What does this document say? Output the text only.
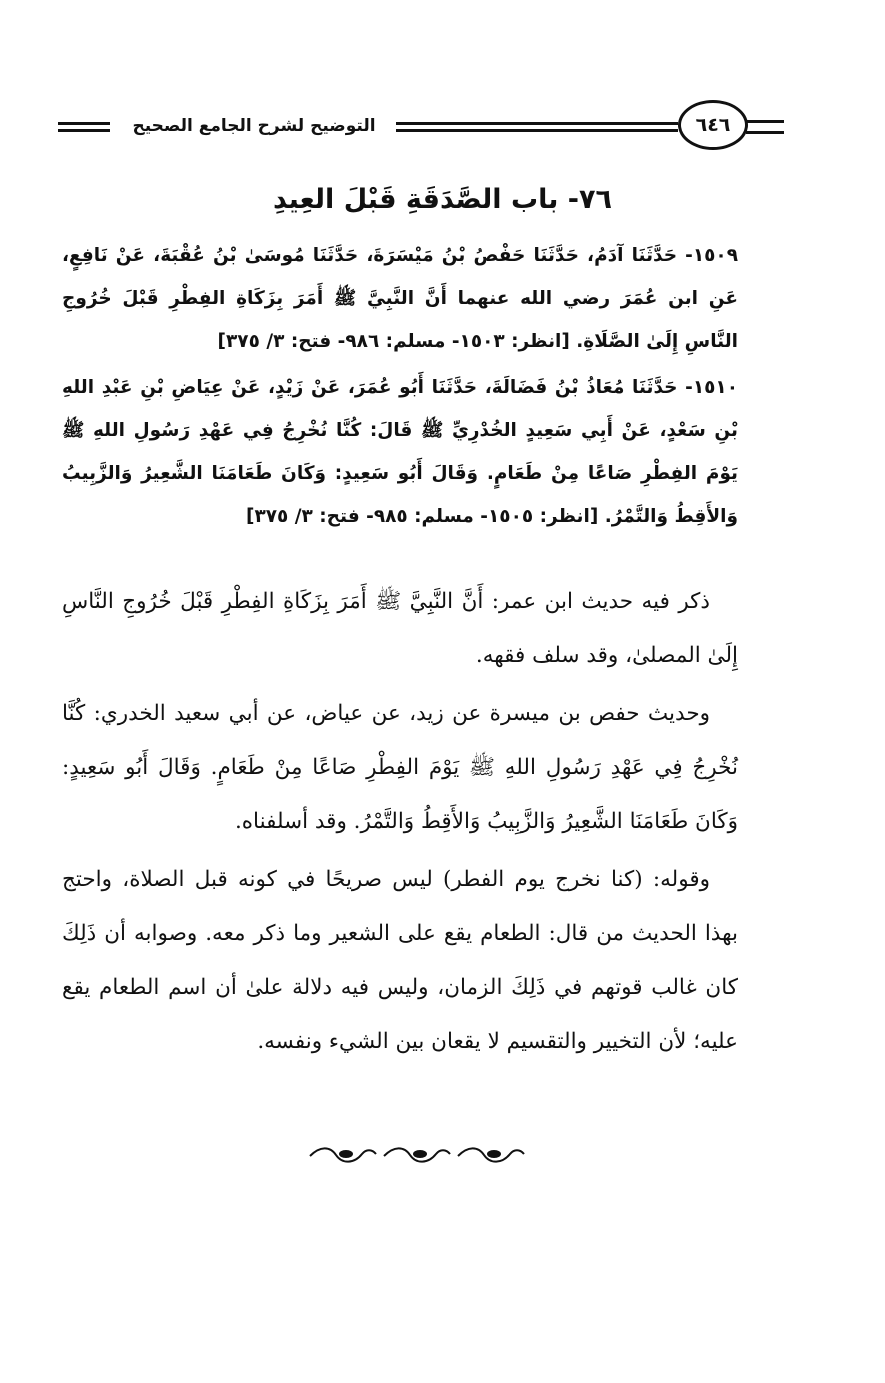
التوضيح لشرح الجامع الصحيح	٦٤٦
٧٦- باب الصَّدَقَةِ قَبْلَ العِيدِ

١٥٠٩- حَدَّثَنَا آدَمُ، حَدَّثَنَا حَفْصُ بْنُ مَيْسَرَةَ، حَدَّثَنَا مُوسَىٰ بْنُ عُقْبَةَ، عَنْ نَافِعٍ، عَنِ ابن عُمَرَ رضي الله عنهما أَنَّ النَّبِيَّ ﷺ أَمَرَ بِزَكَاةِ الفِطْرِ قَبْلَ خُرُوجِ النَّاسِ إِلَىٰ الصَّلَاةِ. [انظر: ١٥٠٣- مسلم: ٩٨٦- فتح: ٣/ ٣٧٥]

١٥١٠- حَدَّثَنَا مُعَاذُ بْنُ فَضَالَةَ، حَدَّثَنَا أَبُو عُمَرَ، عَنْ زَيْدٍ، عَنْ عِيَاضِ بْنِ عَبْدِ اللهِ بْنِ سَعْدٍ، عَنْ أَبِي سَعِيدٍ الخُدْرِيِّ ﷺ قَالَ: كُنَّا نُخْرِجُ فِي عَهْدِ رَسُولِ اللهِ ﷺ يَوْمَ الفِطْرِ صَاعًا مِنْ طَعَامٍ. وَقَالَ أَبُو سَعِيدٍ: وَكَانَ طَعَامَنَا الشَّعِيرُ وَالزَّبِيبُ وَالأَقِطُ وَالتَّمْرُ. [انظر: ١٥٠٥- مسلم: ٩٨٥- فتح: ٣/ ٣٧٥]

ذكر فيه حديث ابن عمر: أَنَّ النَّبِيَّ ﷺ أَمَرَ بِزَكَاةِ الفِطْرِ قَبْلَ خُرُوجِ النَّاسِ إِلَىٰ المصلىٰ، وقد سلف فقهه.

وحديث حفص بن ميسرة عن زيد، عن عياض، عن أبي سعيد الخدري: كُنَّا نُخْرِجُ فِي عَهْدِ رَسُولِ اللهِ ﷺ يَوْمَ الفِطْرِ صَاعًا مِنْ طَعَامٍ. وَقَالَ أَبُو سَعِيدٍ: وَكَانَ طَعَامَنَا الشَّعِيرُ وَالزَّبِيبُ وَالأَقِطُ وَالتَّمْرُ. وقد أسلفناه.

وقوله: (كنا نخرج يوم الفطر) ليس صريحًا في كونه قبل الصلاة، واحتج بهذا الحديث من قال: الطعام يقع على الشعير وما ذكر معه. وصوابه أن ذَلِكَ كان غالب قوتهم في ذَلِكَ الزمان، وليس فيه دلالة علىٰ أن اسم الطعام يقع عليه؛ لأن التخيير والتقسيم لا يقعان بين الشيء ونفسه.
